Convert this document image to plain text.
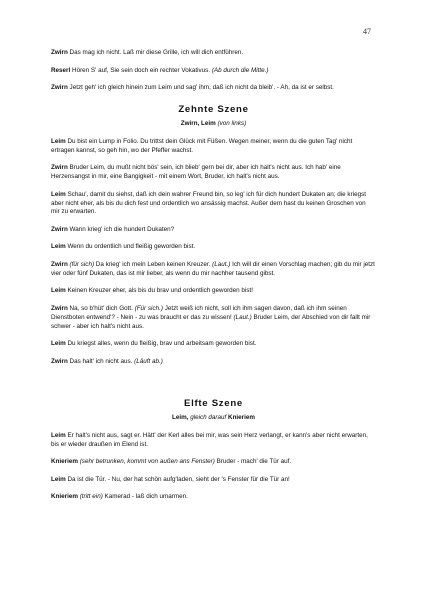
47

Zwirn Das mag ich nicht. Laß mir diese Grille, ich will dich entführen.

Reserl Hören S' auf, Sie sein doch ein rechter Vokativus. (Ab durch die Mitte.)

Zwirn Jetzt geh' ich gleich hinein zum Leim und sag' ihm, daß ich nicht da bleib'. - Ah, da ist er selbst.

Zehnte Szene
Zwirn, Leim (von links)

Leim Du bist ein Lump in Folio. Du trittst dein Glück mit Füßen. Wegen meiner, wenn du die guten Tag' nicht ertragen kannst, so geh hin, wo der Pfeffer wachst.

Zwirn Bruder Leim, du mußt nicht bös' sein, ich blieb' gern bei dir, aber ich halt's nicht aus. Ich hab' eine Herzensangst in mir, eine Bangigkeit - mit einem Wort, Bruder, ich halt's nicht aus.

Leim Schau', damit du siehst, daß ich dein wahrer Freund bin, so leg' ich für dich hundert Dukaten an; die kriegst aber nicht eher, als bis du dich fest und ordentlich wo ansässig machst. Außer dem hast du keinen Groschen von mir zu erwarten.

Zwirn Wann krieg' ich die hundert Dukaten?

Leim Wenn du ordentlich und fleißig geworden bist.

Zwirn (für sich) Da krieg' ich mein Leben keinen Kreuzer. (Laut.) Ich will dir einen Vorschlag machen; gib du mir jetzt vier oder fünf Dukaten, das ist mir lieber, als wenn du mir nachher tausend gibst.

Leim Keinen Kreuzer eher, als bis du brav und ordentlich geworden bist!

Zwirn Na, so b'hüt' dich Gott. (Für sich.) Jetzt weiß ich nicht, soll ich ihm sagen davon, daß ich ihm seinen Dienstboten entwend'? - Nein - zu was braucht er das zu wissen! (Laut.) Bruder Leim, der Abschied von dir fallt mir schwer - aber ich halt's nicht aus.

Leim Du kriegst alles, wenn du fleißig, brav und arbeitsam geworden bist.

Zwirn Das halt' ich nicht aus. (Läuft ab.)

Elfte Szene
Leim, gleich darauf Knieriem

Leim Er halt's nicht aus, sagt er. Hätt' der Kerl alles bei mir, was sein Herz verlangt, er kann's aber nicht erwarten, bis er wieder draußen im Elend ist.

Knieriem (sehr betrunken, kommt von außen ans Fenster) Bruder - mach' die Tür auf.

Leim Da ist die Tür. - Nu, der hat schön aufg'laden, sieht der 's Fenster für die Tür an!

Knieriem (tritt ein) Kamerad - laß dich umarmen.
